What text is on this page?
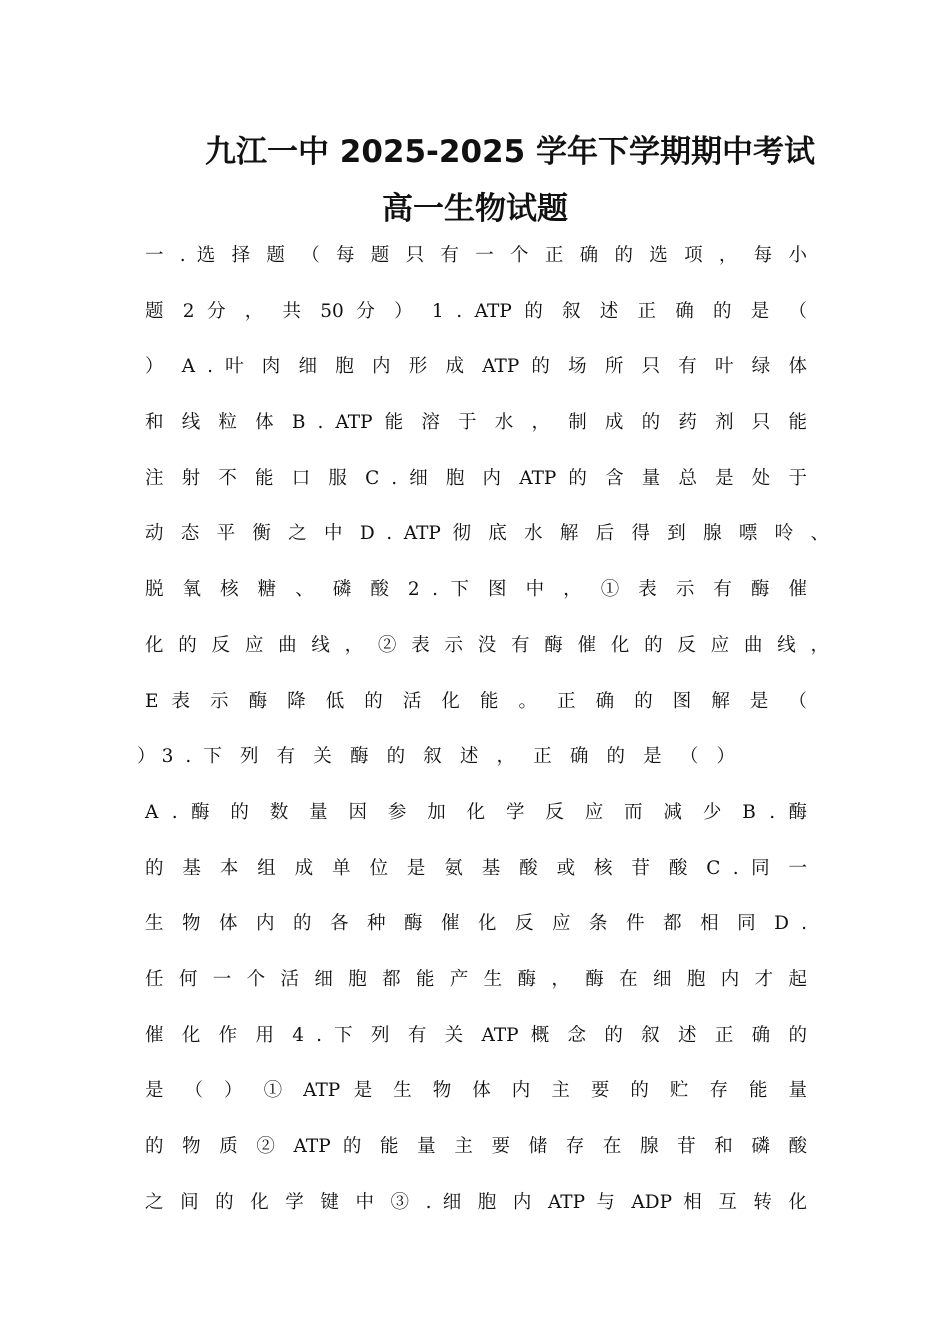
九江一中 2025-2025 学年下学期期中考试
高一生物试题
一 . 选 择 题 （ 每 题 只 有 一 个 正 确 的 选 项 ， 每 小
题 2 分 ， 共 50 分 ） 1 . ATP 的 叙 述 正 确 的 是 （
） A . 叶 肉 细 胞 内 形 成 ATP 的 场 所 只 有 叶 绿 体
和 线 粒 体 B . ATP 能 溶 于 水 ， 制 成 的 药 剂 只 能
注 射 不 能 口 服 C . 细 胞 内 ATP 的 含 量 总 是 处 于
动 态 平 衡 之 中 D . ATP 彻 底 水 解 后 得 到 腺 嘌 呤 、
脱 氧 核 糖 、 磷 酸 2 . 下 图 中 ， ① 表 示 有 酶 催
化 的 反 应 曲 线 ， ② 表 示 没 有 酶 催 化 的 反 应 曲 线 ，
E 表 示 酶 降 低 的 活 化 能 。 正 确 的 图 解 是 （
）3 . 下 列 有 关 酶 的 叙 述 ， 正 确 的 是 （ ）
A . 酶 的 数 量 因 参 加 化 学 反 应 而 减 少 B . 酶
的 基 本 组 成 单 位 是 氨 基 酸 或 核 苷 酸 C . 同 一
生 物 体 内 的 各 种 酶 催 化 反 应 条 件 都 相 同 D .
任 何 一 个 活 细 胞 都 能 产 生 酶 ， 酶 在 细 胞 内 才 起
催 化 作 用 4 . 下 列 有 关 ATP 概 念 的 叙 述 正 确 的
是 （ ） ① ATP 是 生 物 体 内 主 要 的 贮 存 能 量
的 物 质 ② ATP 的 能 量 主 要 储 存 在 腺 苷 和 磷 酸
之 间 的 化 学 键 中 ③ . 细 胞 内 ATP 与 ADP 相 互 转 化
